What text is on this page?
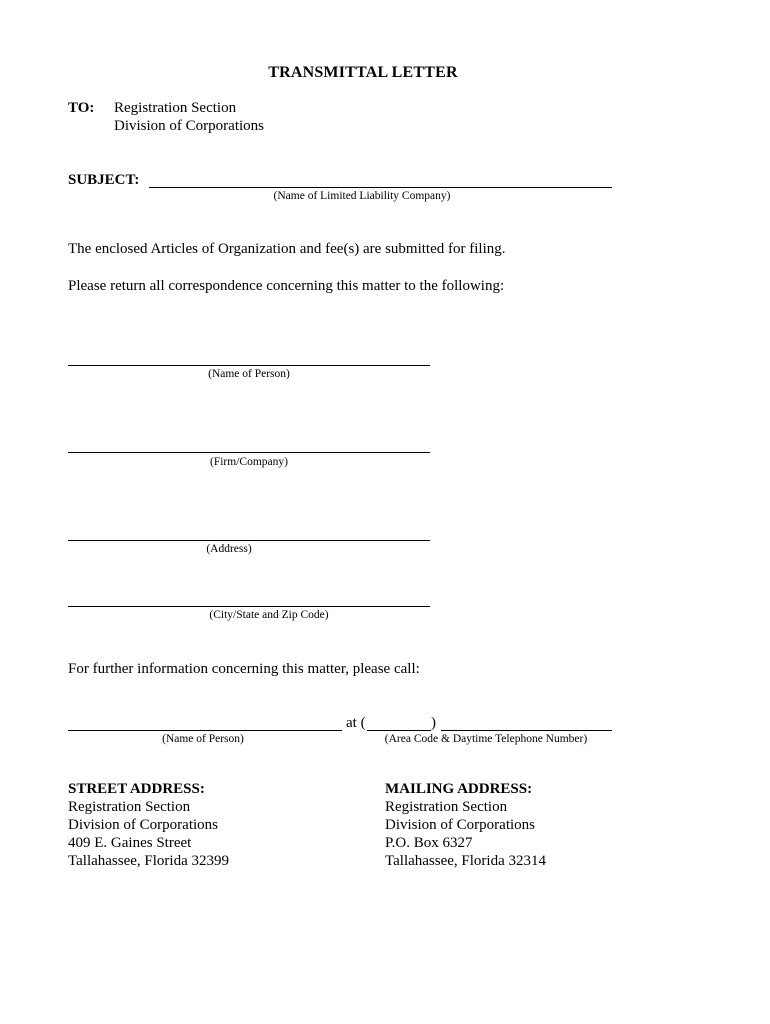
TRANSMITTAL LETTER
TO: Registration Section
Division of Corporations
SUBJECT:
(Name of Limited Liability Company)
The enclosed Articles of Organization and fee(s) are submitted for filing.
Please return all correspondence concerning this matter to the following:
(Name of Person)
(Firm/Company)
(Address)
(City/State and Zip Code)
For further information concerning this matter, please call:
at (	)
(Name of Person)	(Area Code & Daytime Telephone Number)
STREET ADDRESS:
Registration Section
Division of Corporations
409 E. Gaines Street
Tallahassee, Florida 32399
MAILING ADDRESS:
Registration Section
Division of Corporations
P.O. Box 6327
Tallahassee, Florida 32314
